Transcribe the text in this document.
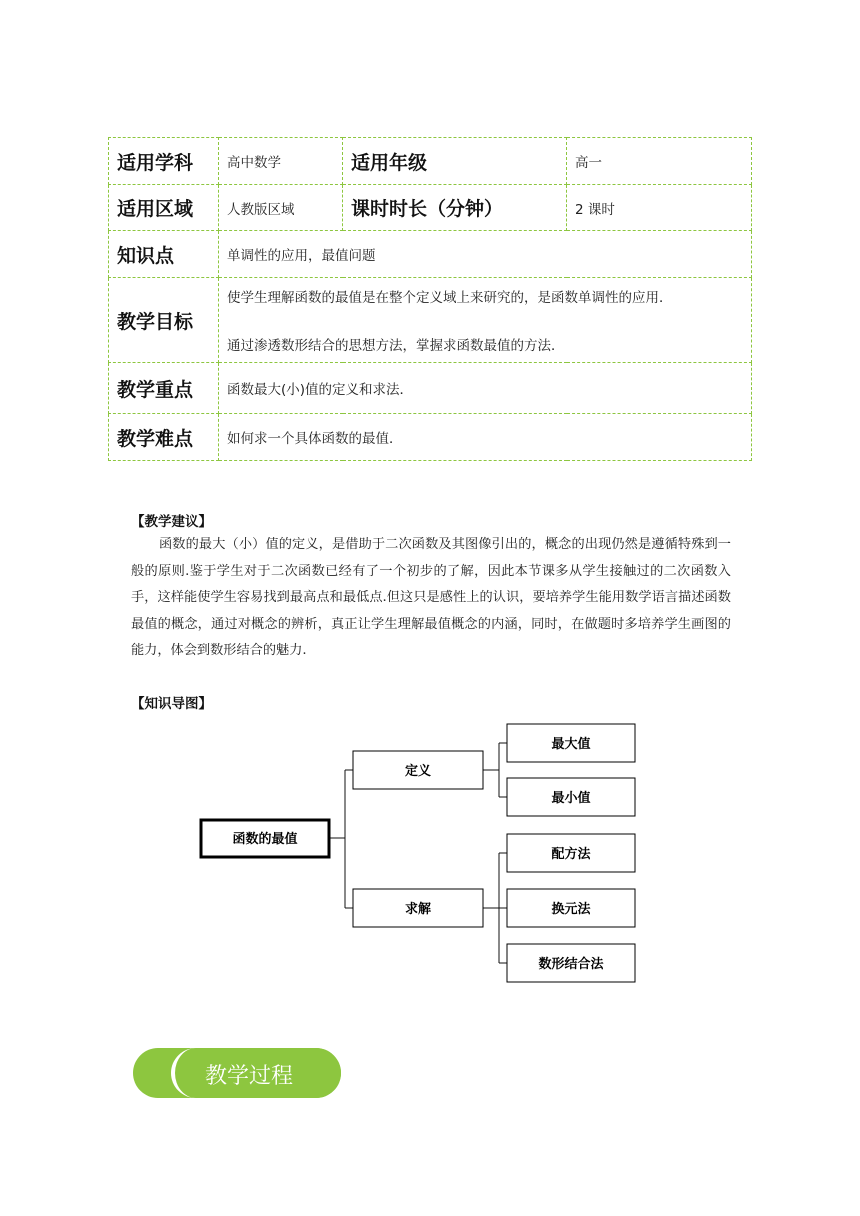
适用学科	高中数学	适用年级	高一
适用区域	人教版区域	课时时长（分钟）	2 课时
知识点	单调性的应用，最值问题		
教学目标	使学生理解函数的最值是在整个定义域上来研究的，是函数单调性的应用．
通过渗透数形结合的思想方法，掌握求函数最值的方法．		

教学重点	函数最大(小)值的定义和求法．		
教学难点	如何求一个具体函数的最值．		
【教学建议】
函数的最大（小）值的定义，是借助于二次函数及其图像引出的，概念的出现仍然是遵循特殊到一般的原则.鉴于学生对于二次函数已经有了一个初步的了解，因此本节课多从学生接触过的二次函数入手，这样能使学生容易找到最高点和最低点.但这只是感性上的认识，要培养学生能用数学语言描述函数最值的概念，通过对概念的辨析，真正让学生理解最值概念的内涵，同时，在做题时多培养学生画图的能力，体会到数形结合的魅力.
【知识导图】
函数的最值
定义
求解
最大值
最小值
配方法
换元法
数形结合法
教学过程
